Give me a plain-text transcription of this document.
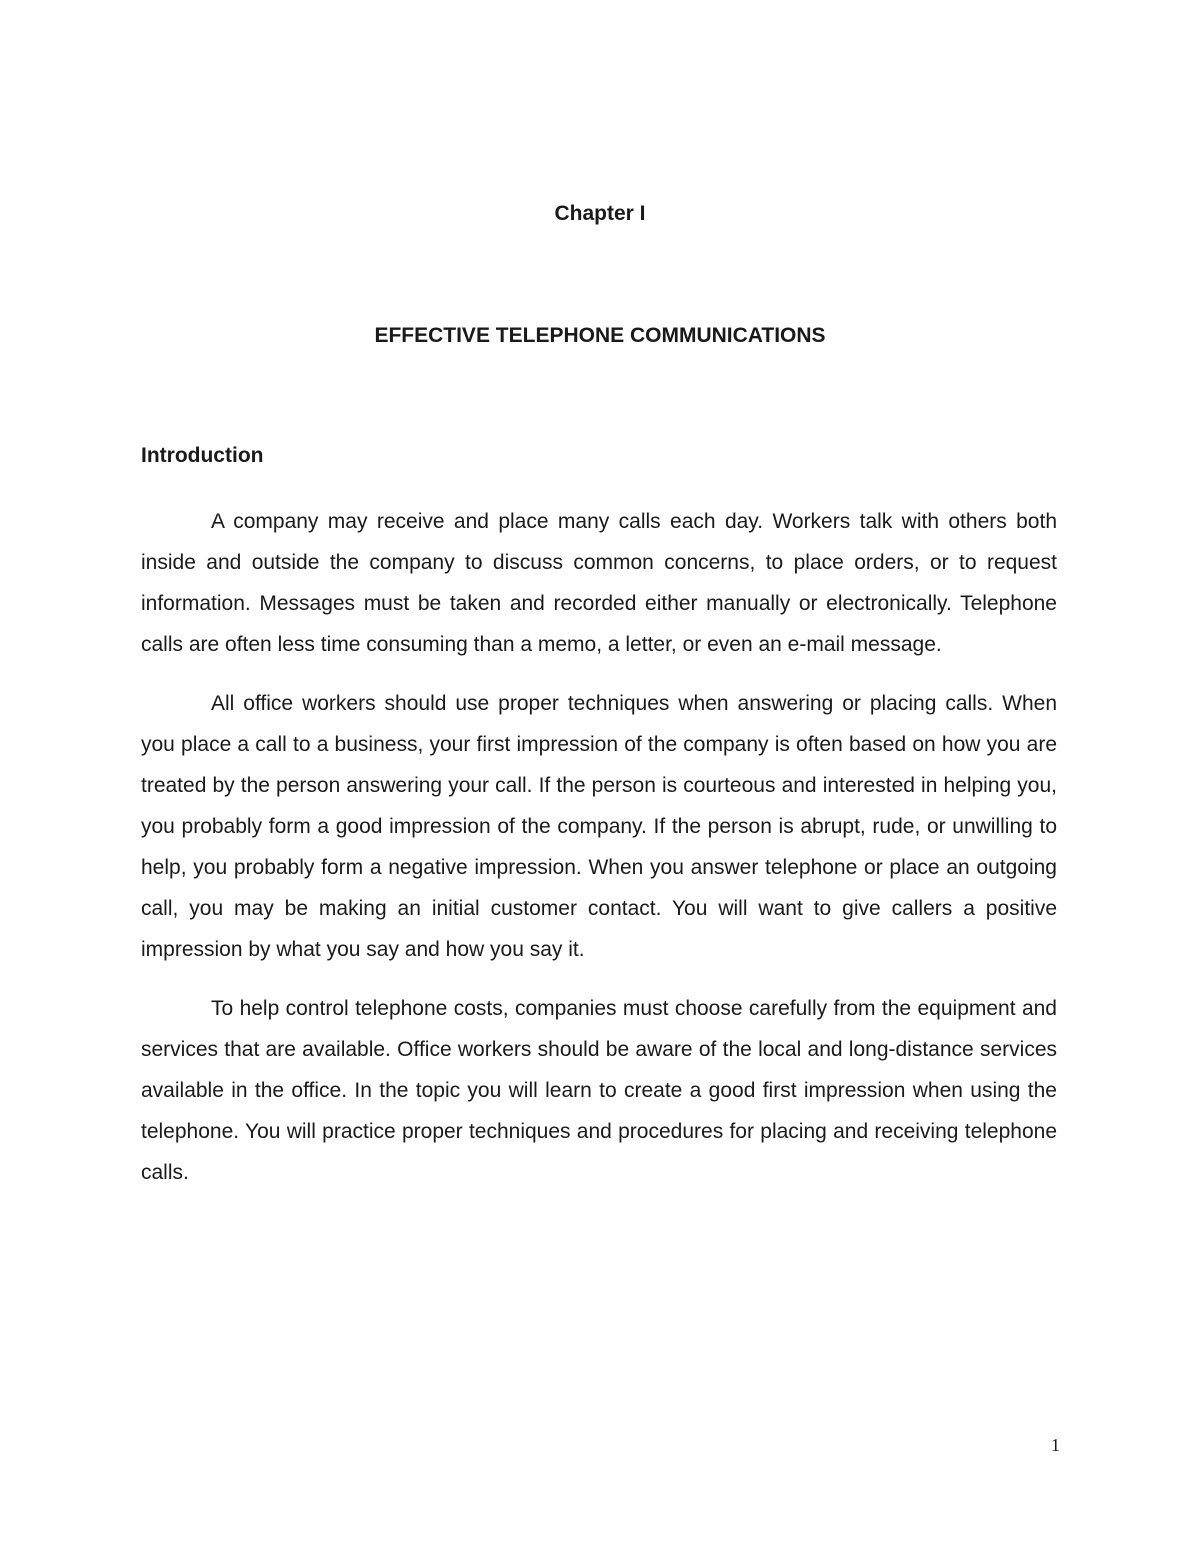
Chapter I
EFFECTIVE TELEPHONE COMMUNICATIONS
Introduction

A company may receive and place many calls each day. Workers talk with others both inside and outside the company to discuss common concerns, to place orders, or to request information. Messages must be taken and recorded either manually or electronically. Telephone calls are often less time consuming than a memo, a letter, or even an e-mail message.

All office workers should use proper techniques when answering or placing calls. When you place a call to a business, your first impression of the company is often based on how you are treated by the person answering your call. If the person is courteous and interested in helping you, you probably form a good impression of the company. If the person is abrupt, rude, or unwilling to help, you probably form a negative impression. When you answer telephone or place an outgoing call, you may be making an initial customer contact. You will want to give callers a positive impression by what you say and how you say it.

To help control telephone costs, companies must choose carefully from the equipment and services that are available. Office workers should be aware of the local and long-distance services available in the office. In the topic you will learn to create a good first impression when using the telephone. You will practice proper techniques and procedures for placing and receiving telephone calls.

1
